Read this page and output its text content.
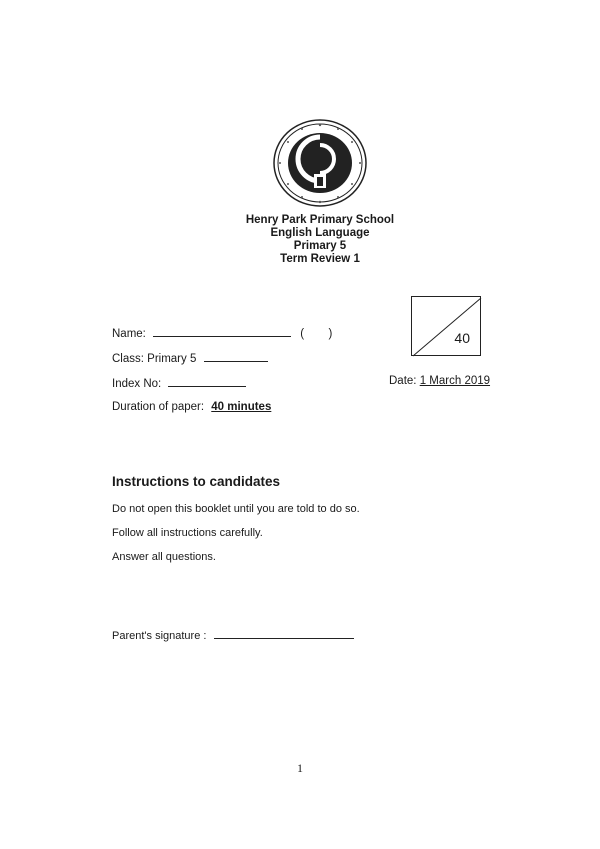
Henry Park Primary School
English Language
Primary 5
Term Review 1
Name:	( )	40
Class: Primary 5
Index No:	Date: 1 March 2019
Duration of paper: 40 minutes
Instructions to candidates
Do not open this booklet until you are told to do so.
Follow all instructions carefully.
Answer all questions.
Parent's signature :
1
